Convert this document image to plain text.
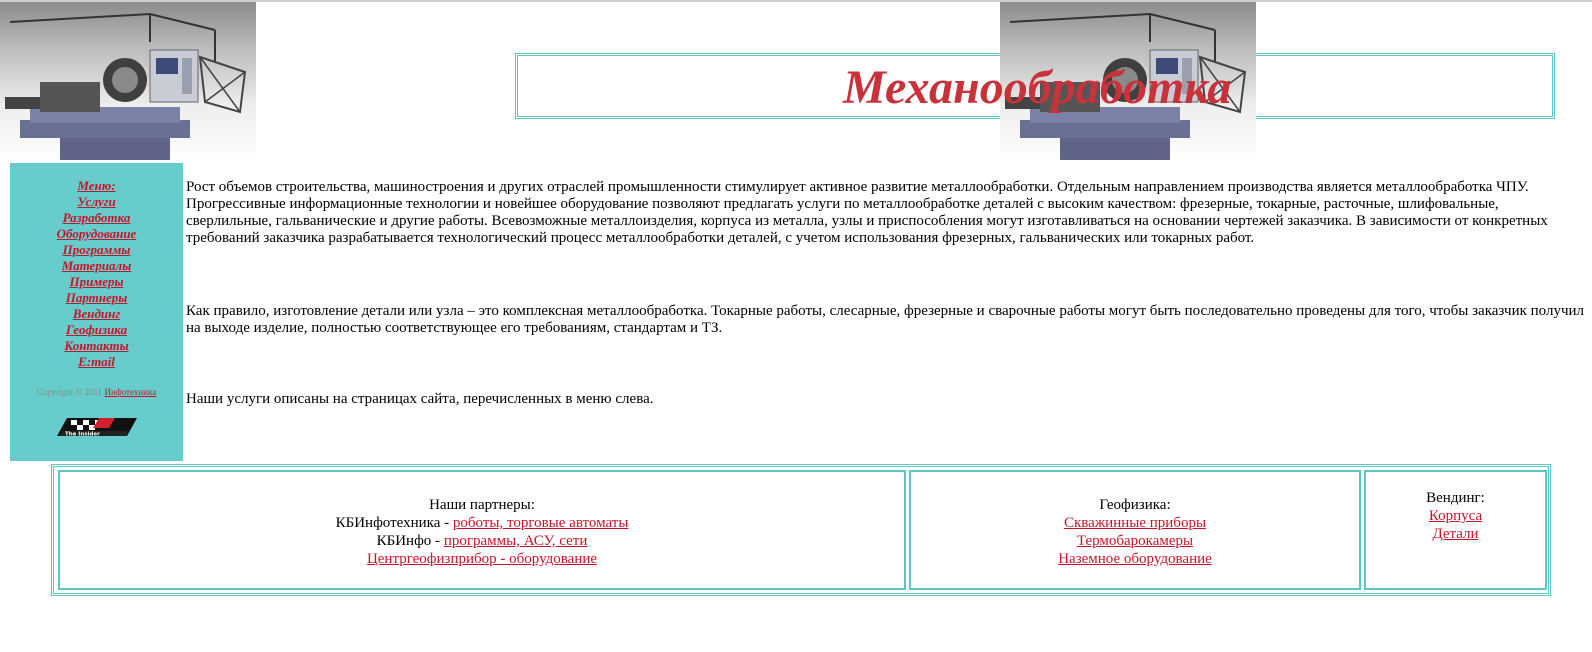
Механообработка
Меню:
Услуги
Разработка
Оборудование
Программы
Материалы
Примеры
Партнеры
Вендинг
Геофизика
Контакты
E:mail
Copyright © 2011 Инфотехника
The Insider

Рост объемов строительства, машиностроения и других отраслей промышленности стимулирует активное развитие металлообработки. Отдельным направлением производства является металлообработка ЧПУ. Прогрессивные информационные технологии и новейшее оборудование позволяют предлагать услуги по металлообработке деталей с высоким качеством: фрезерные, токарные, расточные, шлифовальные, сверлильные, гальванические и другие работы. Всевозможные металлоизделия, корпуса из металла, узлы и приспособления могут изготавливаться на основании чертежей заказчика. В зависимости от конкретных требований заказчика разрабатывается технологический процесс металлообработки деталей, с учетом использования фрезерных, гальванических или токарных работ.

Как правило, изготовление детали или узла – это комплексная металлообработка. Токарные работы, слесарные, фрезерные и сварочные работы могут быть последовательно проведены для того, чтобы заказчик получил на выходе изделие, полностью соответствующее его требованиям, стандартам и ТЗ.

Наши услуги описаны на страницах сайта, перечисленных в меню слева.

Наши партнеры:
КБИнфотехника - роботы, торговые автоматы
КБИнфо - программы, АСУ, сети
Центргеофизприбор - оборудование
Геофизика:
Скважинные приборы
Термобарокамеры
Наземное оборудование
Вендинг:
Корпуса
Детали
